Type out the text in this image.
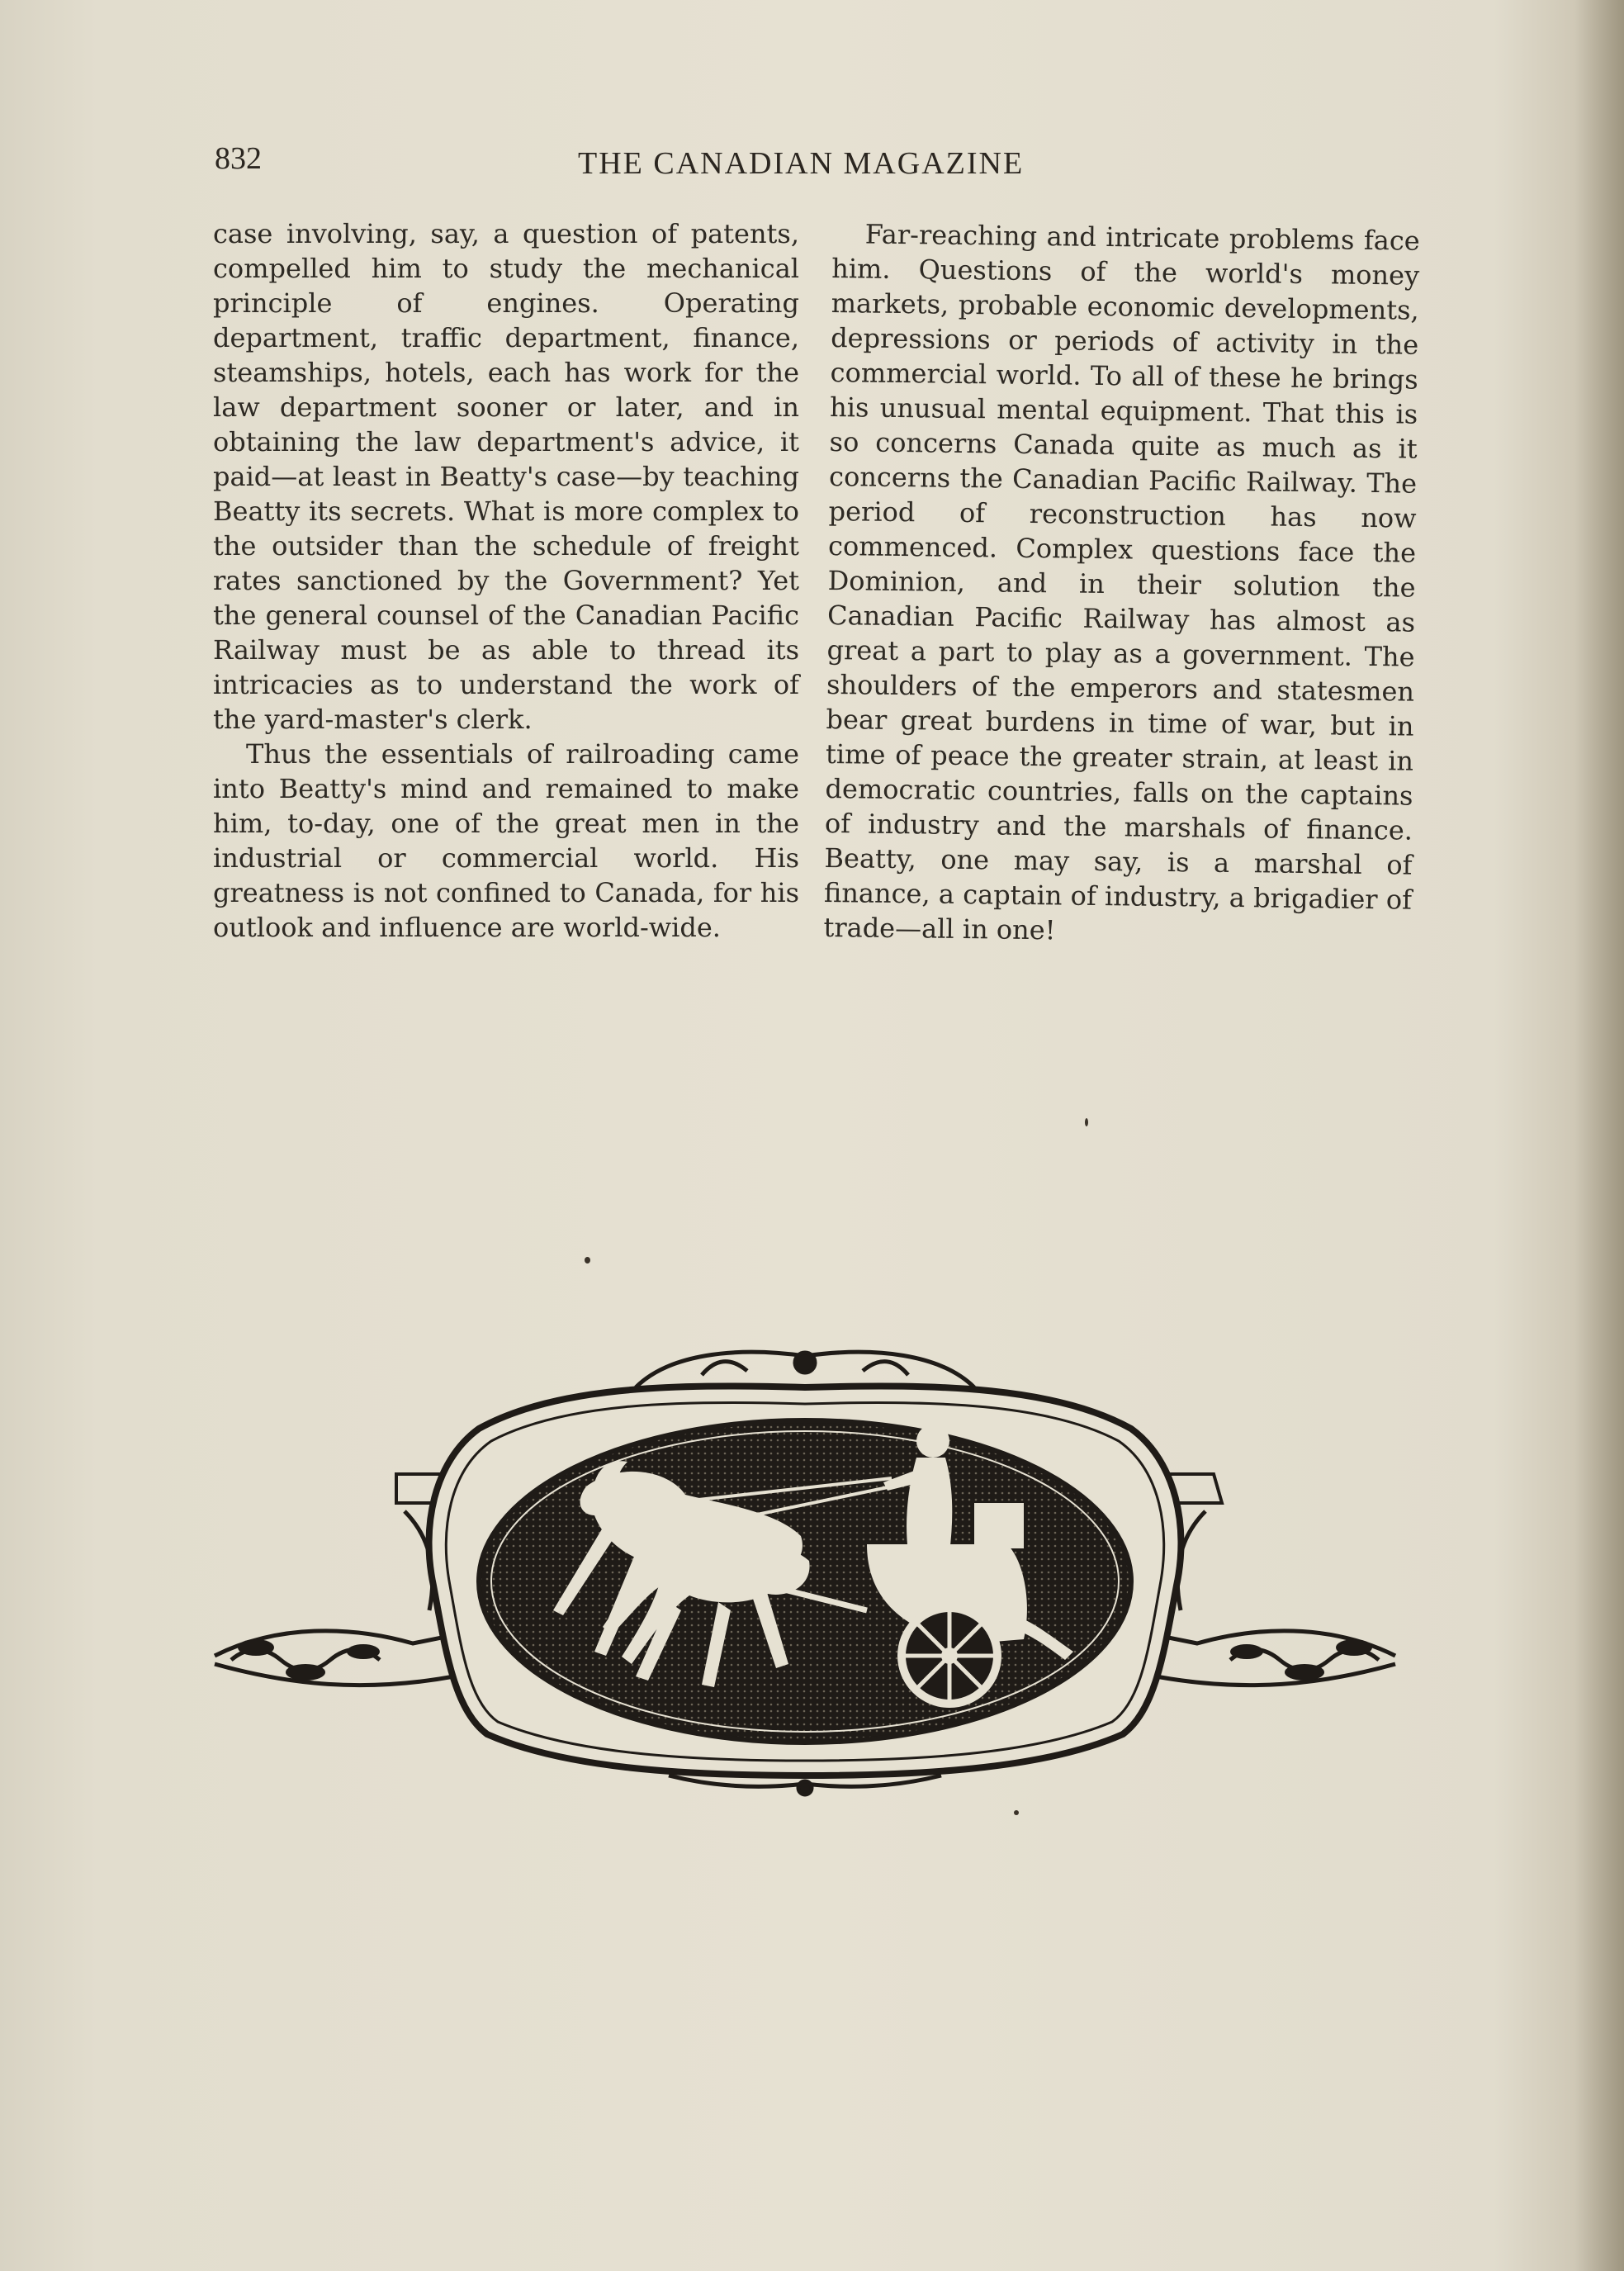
832	THE CANADIAN MAGAZINE

case involving, say, a question of patents, compelled him to study the mechanical principle of engines. Operating department, traffic department, finance, steamships, hotels, each has work for the law department sooner or later, and in obtaining the law department's advice, it paid—at least in Beatty's case—by teaching Beatty its secrets. What is more complex to the outsider than the schedule of freight rates sanctioned by the Government? Yet the general counsel of the Canadian Pacific Railway must be as able to thread its intricacies as to understand the work of the yard-master's clerk.

Thus the essentials of railroading came into Beatty's mind and remained to make him, to-day, one of the great men in the industrial or commercial world. His greatness is not confined to Canada, for his outlook and influence are world-wide.

Far-reaching and intricate problems face him. Questions of the world's money markets, probable economic developments, depressions or periods of activity in the commercial world. To all of these he brings his unusual mental equipment. That this is so concerns Canada quite as much as it concerns the Canadian Pacific Railway. The period of reconstruction has now commenced. Complex questions face the Dominion, and in their solution the Canadian Pacific Railway has almost as great a part to play as a government. The shoulders of the emperors and statesmen bear great burdens in time of war, but in time of peace the greater strain, at least in democratic countries, falls on the captains of industry and the marshals of finance. Beatty, one may say, is a marshal of finance, a captain of industry, a brigadier of trade—all in one!
